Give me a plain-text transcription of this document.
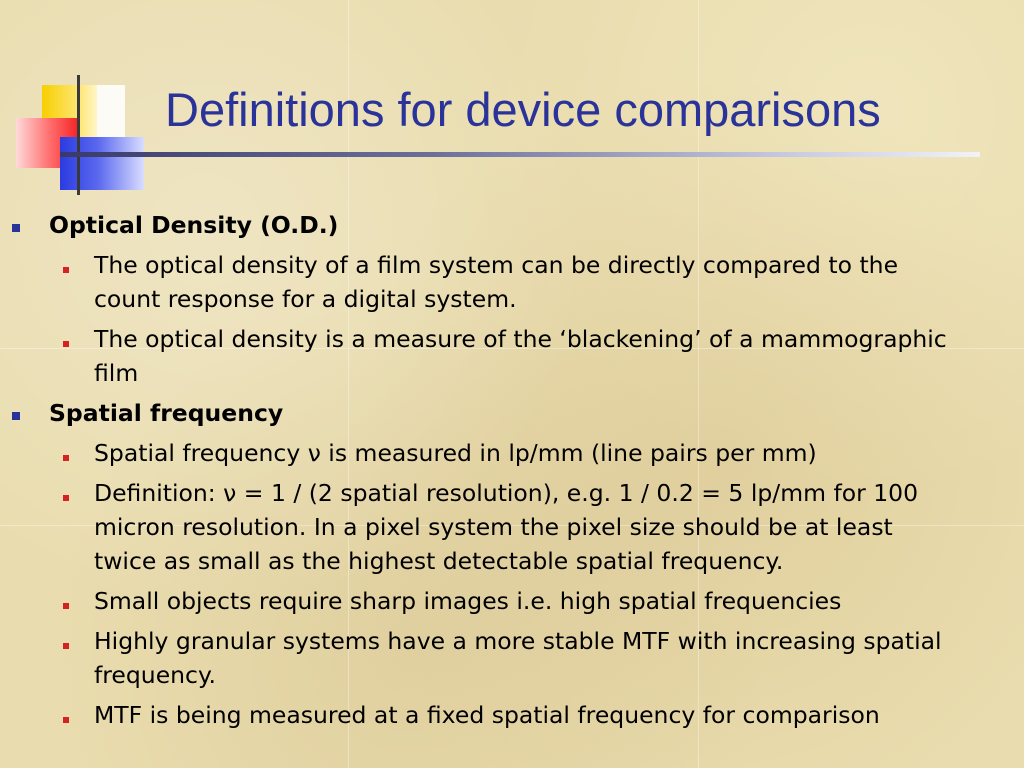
Definitions for device comparisons
Optical Density (O.D.)
The optical density of a film system can be directly compared to the count response for a digital system.
The optical density is a measure of the ‘blackening’ of a mammographic film
Spatial frequency
Spatial frequency ν is measured in lp/mm (line pairs per mm)
Definition: ν = 1 / (2 spatial resolution), e.g. 1 / 0.2 = 5 lp/mm for 100 micron resolution. In a pixel system the pixel size should be at least twice as small as the highest detectable spatial frequency.
Small objects require sharp images i.e. high spatial frequencies
Highly granular systems have a more stable MTF with increasing spatial frequency.
MTF is being measured at a fixed spatial frequency for comparison
